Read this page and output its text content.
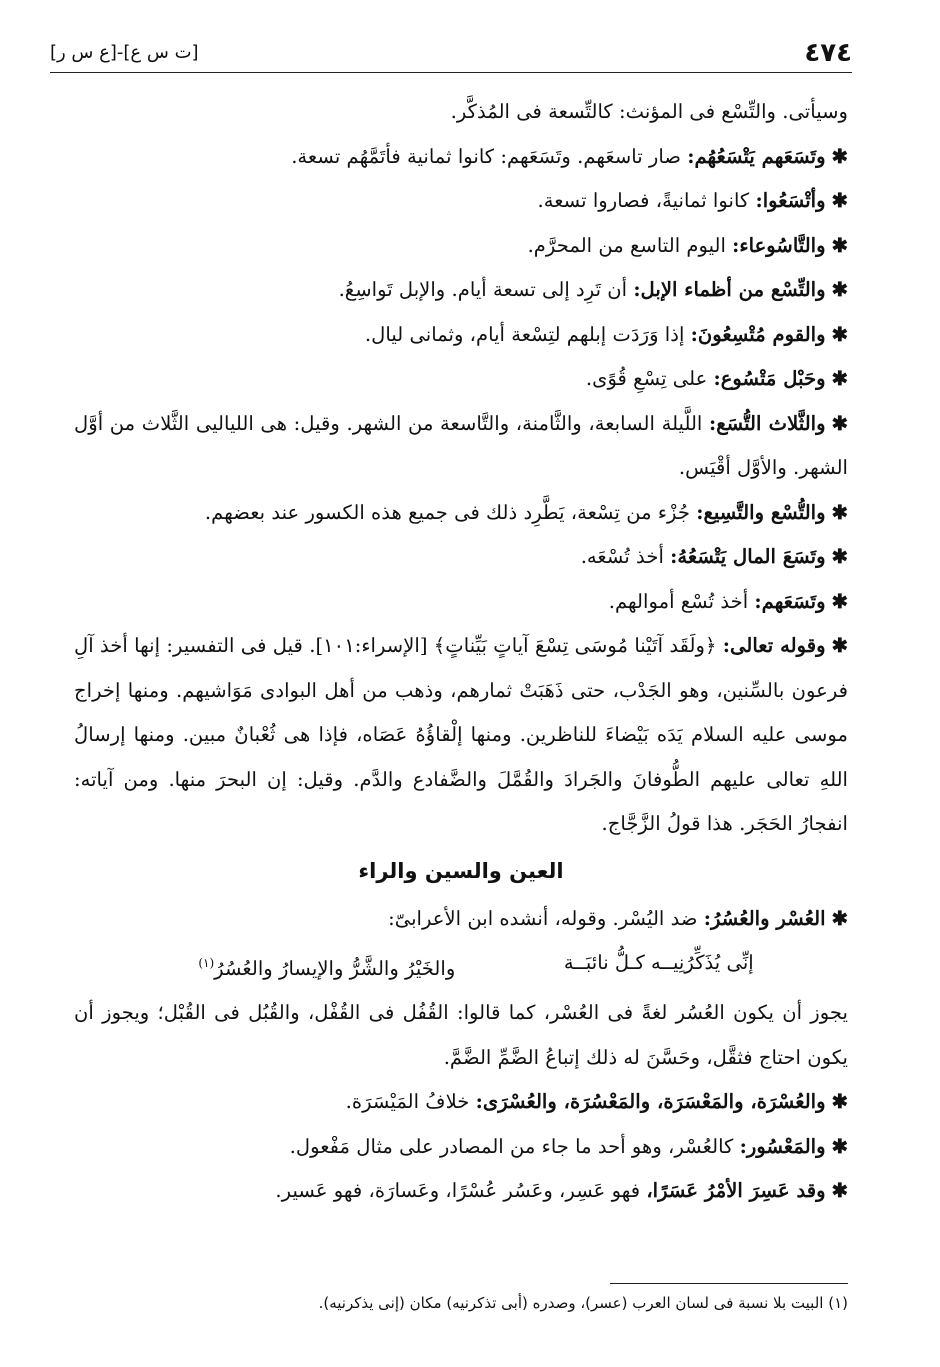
٤٧٤
[ت س ع]-[ع س ر]

وسيأتى. والتِّسْع فى المؤنث: كالتِّسعة فى المُذكَّر.

✱وتَسَعَهم يَتْسَعُهُم: صار تاسعَهم. وتَسَعَهم: كانوا ثمانية فأتَمَّهُم تسعة.

✱وأتْسَعُوا: كانوا ثمانيةً، فصاروا تسعة.

✱والتَّاسُوعاء: اليوم التاسع من المحرَّم.

✱والتِّسْع من أظماء الإبل: أن تَرِد إلى تسعة أيام. والإبل تَواسِعُ.

✱والقوم مُتْسِعُونَ: إذا وَرَدَت إبلهم لتِسْعة أيام، وثمانى ليال.

✱وحَبْل مَتْسُوع: على تِسْعِ قُوًى.

✱والثَّلاث التُّسَع: اللَّيلة السابعة، والثَّامنة، والتَّاسعة من الشهر. وقيل: هى اللياليى الثَّلاث من أوَّل الشهر. والأوَّل أقْيَس.

✱والتُّسْع والتَّسِيع: جُزْء من تِسْعة، يَطَّرِد ذلك فى جميع هذه الكسور عند بعضهم.

✱وتَسَعَ المال يَتْسَعُهُ: أخذ تُسْعَه.

✱وتَسَعَهم: أخذ تُسْع أموالهم.

✱وقوله تعالى: ﴿ولَقَد آتَيْنا مُوسَى تِسْعَ آياتٍ بَيِّناتٍ﴾ [الإسراء:١٠١]. قيل فى التفسير: إنها أخذ آلِ فرعون بالسِّنين، وهو الجَدْب، حتى ذَهَبَتْ ثمارهم، وذهب من أهل البوادى مَوَاشيهم. ومنها إخراج موسى عليه السلام يَدَه بَيْضاءَ للناظرين. ومنها إلْقاؤُهُ عَصَاه، فإذا هى ثُعْبانٌ مبين. ومنها إرسالُ اللهِ تعالى عليهم الطُّوفانَ والجَرادَ والقُمَّلَ والضَّفادع والدَّم. وقيل: إن البحرَ منها. ومن آياته: انفجارُ الحَجَر. هذا قولُ الزَّجَّاج.

العين والسين والراء

✱العُسْر والعُسُرُ: ضد اليُسْر. وقوله، أنشده ابن الأعرابىّ:

إنِّى يُذَكِّرُنِيــه كـلُّ نائبَــة
والخَيْرُ والشَّرُّ والإيسارُ والعُسُرُ(١)

يجوز أن يكون العُسُر لغةً فى العُسْر، كما قالوا: القُفُل فى القُفْل، والقُبُل فى القُبْل؛ ويجوز أن يكون احتاج فثقَّل، وحَسَّنَ له ذلك إتباعُ الضَّمِّ الضَّمَّ.

✱والعُسْرَة، والمَعْسَرَة، والمَعْسُرَة، والعُسْرَى: خلافُ المَيْسَرَة.

✱والمَعْسُور: كالعُسْر، وهو أحد ما جاء من المصادر على مثال مَفْعول.

✱وقد عَسِرَ الأمْرُ عَسَرًا، فهو عَسِر، وعَسُر عُسْرًا، وعَسارَة، فهو عَسير.

(١) البيت بلا نسبة فى لسان العرب (عسر)، وصدره (أبى تذكرنيه) مكان (إنى يذكرنيه).
